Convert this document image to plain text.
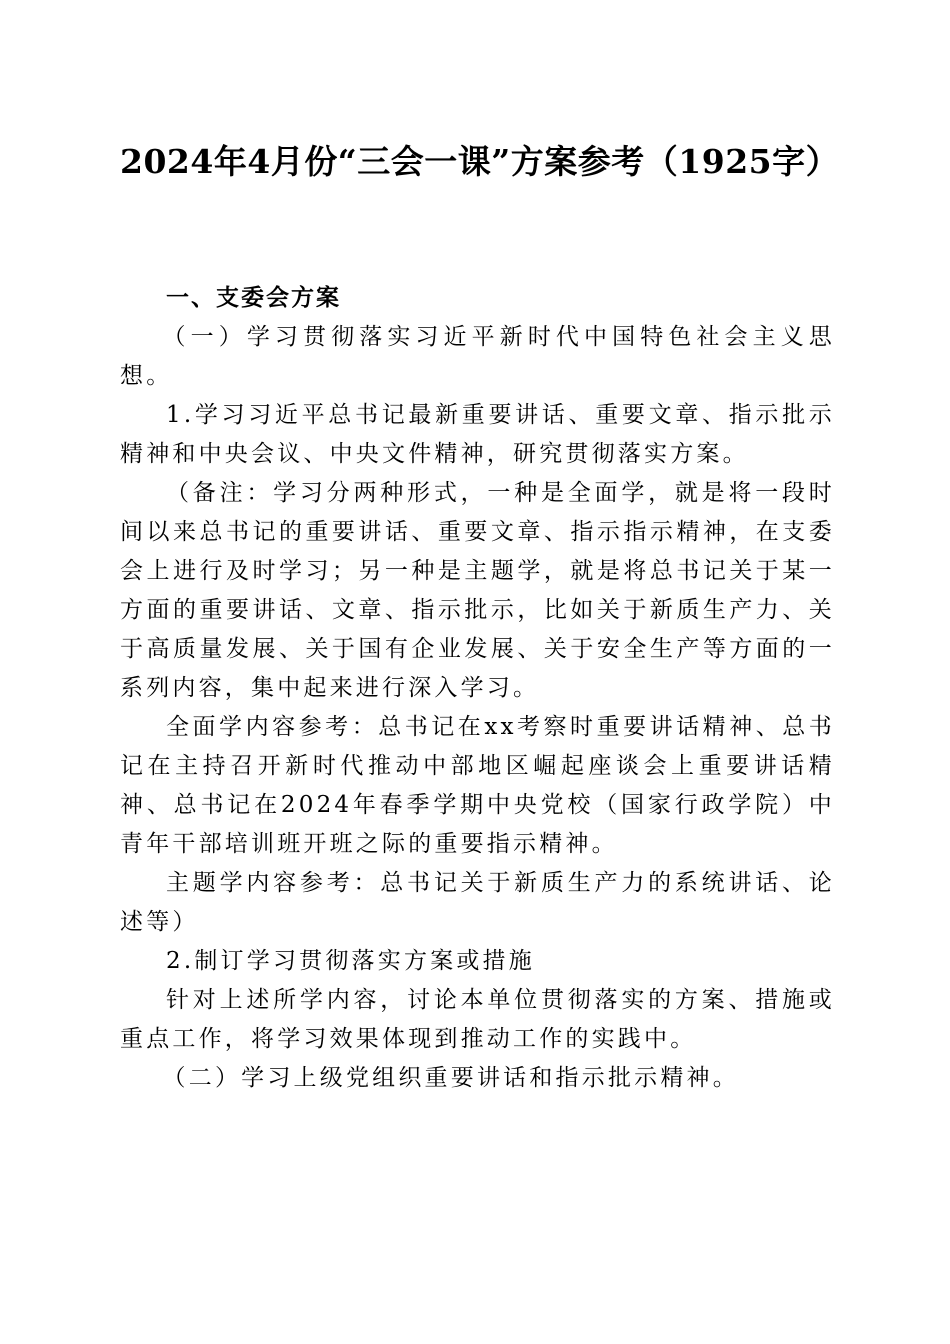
2024年4月份“三会一课”方案参考（1925字）

一、支委会方案

（一）学习贯彻落实习近平新时代中国特色社会主义思想。

1.学习习近平总书记最新重要讲话、重要文章、指示批示精神和中央会议、中央文件精神，研究贯彻落实方案。

（备注：学习分两种形式，一种是全面学，就是将一段时间以来总书记的重要讲话、重要文章、指示指示精神，在支委会上进行及时学习；另一种是主题学，就是将总书记关于某一方面的重要讲话、文章、指示批示，比如关于新质生产力、关于高质量发展、关于国有企业发展、关于安全生产等方面的一系列内容，集中起来进行深入学习。

全面学内容参考：总书记在xx考察时重要讲话精神、总书记在主持召开新时代推动中部地区崛起座谈会上重要讲话精神、总书记在2024年春季学期中央党校（国家行政学院）中青年干部培训班开班之际的重要指示精神。

主题学内容参考：总书记关于新质生产力的系统讲话、论述等）

2.制订学习贯彻落实方案或措施

针对上述所学内容，讨论本单位贯彻落实的方案、措施或重点工作，将学习效果体现到推动工作的实践中。

（二）学习上级党组织重要讲话和指示批示精神。
